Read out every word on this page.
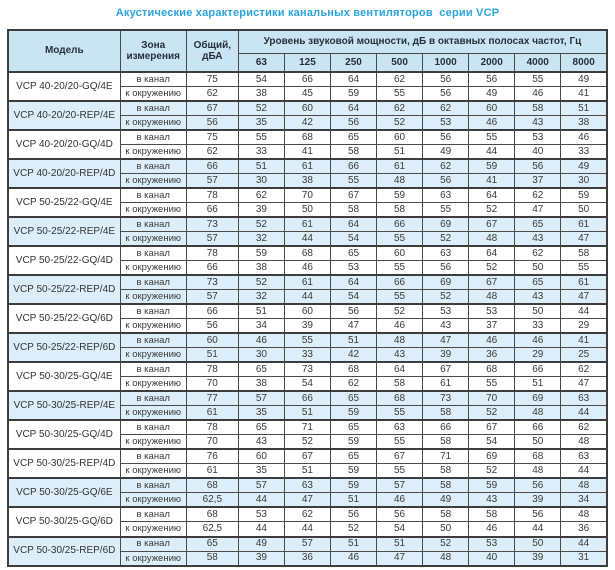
Акустические характеристики канальных вентиляторов  серии VCP
Модель	Зона измерения	Общий, дБА	Уровень звуковой мощности, дБ в октавных полосах частот, Гц							
			63	125	250	500	1000	2000	4000	8000
VCP 40-20/20-GQ/4E	в канал	75	54	66	64	62	56	56	55	49
	к окружению	62	38	45	59	55	56	49	46	41
VCP 40-20/20-REP/4E	в канал	67	52	60	64	62	62	60	58	51
	к окружению	56	35	42	56	52	53	46	43	38
VCP 40-20/20-GQ/4D	в канал	75	55	68	65	60	56	55	53	46
	к окружению	62	33	41	58	51	49	44	40	33
VCP 40-20/20-REP/4D	в канал	66	51	61	66	61	62	59	56	49
	к окружению	57	30	38	55	48	56	41	37	30
VCP 50-25/22-GQ/4E	в канал	78	62	70	67	59	63	64	62	59
	к окружению	66	39	50	58	58	55	52	47	50
VCP 50-25/22-REP/4E	в канал	73	52	61	64	66	69	67	65	61
	к окружению	57	32	44	54	55	52	48	43	47
VCP 50-25/22-GQ/4D	в канал	78	59	68	65	60	63	64	62	58
	к окружению	66	38	46	53	55	56	52	50	55
VCP 50-25/22-REP/4D	в канал	73	52	61	64	66	69	67	65	61
	к окружению	57	32	44	54	55	52	48	43	47
VCP 50-25/22-GQ/6D	в канал	66	51	60	56	52	53	53	50	44
	к окружению	56	34	39	47	46	43	37	33	29
VCP 50-25/22-REP/6D	в канал	60	46	55	51	48	47	46	46	41
	к окружению	51	30	33	42	43	39	36	29	25
VCP 50-30/25-GQ/4E	в канал	78	65	73	68	64	67	68	66	62
	к окружению	70	38	54	62	58	61	55	51	47
VCP 50-30/25-REP/4E	в канал	77	57	66	65	68	73	70	69	63
	к окружению	61	35	51	59	55	58	52	48	44
VCP 50-30/25-GQ/4D	в канал	78	65	71	65	63	66	67	66	62
	к окружению	70	43	52	59	55	58	54	50	48
VCP 50-30/25-REP/4D	в канал	76	60	67	65	67	71	69	68	63
	к окружению	61	35	51	59	55	58	52	48	44
VCP 50-30/25-GQ/6E	в канал	68	57	63	59	57	58	59	56	48
	к окружению	62,5	44	47	51	46	49	43	39	34
VCP 50-30/25-GQ/6D	в канал	68	53	62	56	56	58	58	56	48
	к окружению	62,5	44	44	52	54	50	46	44	36
VCP 50-30/25-REP/6D	в канал	65	49	57	51	51	52	53	50	44
	к окружению	58	39	36	46	47	48	40	39	31
